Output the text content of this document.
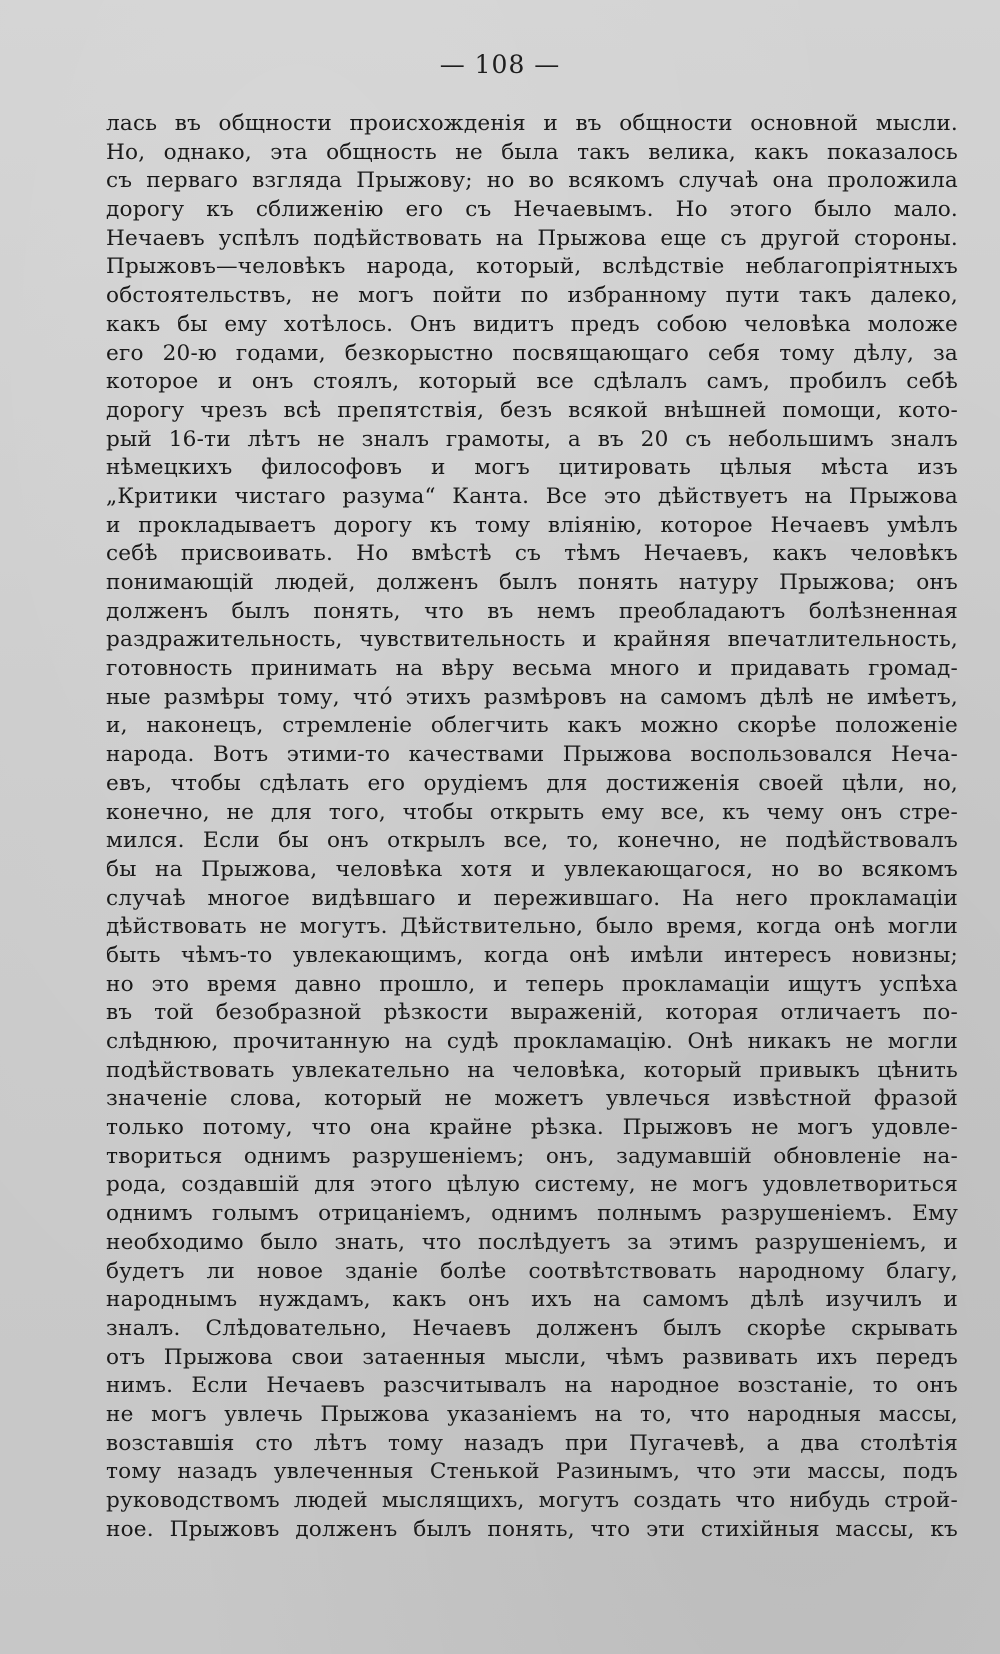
— 108 —
лась въ общности происхожденія и въ общности основной мысли.
Но, однако, эта общность не была такъ велика, какъ показалось
съ перваго взгляда Прыжову; но во всякомъ случаѣ она проложила
дорогу къ сближенію его съ Нечаевымъ. Но этого было мало.
Нечаевъ успѣлъ подѣйствовать на Прыжова еще съ другой стороны.
Прыжовъ—человѣкъ народа, который, вслѣдствіе неблагопріятныхъ
обстоятельствъ, не могъ пойти по избранному пути такъ далеко,
какъ бы ему хотѣлось. Онъ видитъ предъ собою человѣка моложе
его 20-ю годами, безкорыстно посвящающаго себя тому дѣлу, за
которое и онъ стоялъ, который все сдѣлалъ самъ, пробилъ себѣ
дорогу чрезъ всѣ препятствія, безъ всякой внѣшней помощи, кото-
рый 16-ти лѣтъ не зналъ грамоты, а въ 20 съ небольшимъ зналъ
нѣмецкихъ философовъ и могъ цитировать цѣлыя мѣста изъ
„Критики чистаго разума“ Канта. Все это дѣйствуетъ на Прыжова
и прокладываетъ дорогу къ тому вліянію, которое Нечаевъ умѣлъ
себѣ присвоивать. Но вмѣстѣ съ тѣмъ Нечаевъ, какъ человѣкъ
понимающій людей, долженъ былъ понять натуру Прыжова; онъ
долженъ былъ понять, что въ немъ преобладаютъ болѣзненная
раздражительность, чувствительность и крайняя впечатлительность,
готовность принимать на вѣру весьма много и придавать громад-
ные размѣры тому, что́ этихъ размѣровъ на самомъ дѣлѣ не имѣетъ,
и, наконецъ, стремленіе облегчить какъ можно скорѣе положеніе
народа. Вотъ этими-то качествами Прыжова воспользовался Неча-
евъ, чтобы сдѣлать его орудіемъ для достиженія своей цѣли, но,
конечно, не для того, чтобы открыть ему все, къ чему онъ стре-
мился. Если бы онъ открылъ все, то, конечно, не подѣйствовалъ
бы на Прыжова, человѣка хотя и увлекающагося, но во всякомъ
случаѣ многое видѣвшаго и пережившаго. На него прокламаціи
дѣйствовать не могутъ. Дѣйствительно, было время, когда онѣ могли
быть чѣмъ-то увлекающимъ, когда онѣ имѣли интересъ новизны;
но это время давно прошло, и теперь прокламаціи ищутъ успѣха
въ той безобразной рѣзкости выраженій, которая отличаетъ по-
слѣднюю, прочитанную на судѣ прокламацію. Онѣ никакъ не могли
подѣйствовать увлекательно на человѣка, который привыкъ цѣнить
значеніе слова, который не можетъ увлечься извѣстной фразой
только потому, что она крайне рѣзка. Прыжовъ не могъ удовле-
твориться однимъ разрушеніемъ; онъ, задумавшій обновленіе на-
рода, создавшій для этого цѣлую систему, не могъ удовлетвориться
однимъ голымъ отрицаніемъ, однимъ полнымъ разрушеніемъ. Ему
необходимо было знать, что послѣдуетъ за этимъ разрушеніемъ, и
будетъ ли новое зданіе болѣе соотвѣтствовать народному благу,
народнымъ нуждамъ, какъ онъ ихъ на самомъ дѣлѣ изучилъ и
зналъ. Слѣдовательно, Нечаевъ долженъ былъ скорѣе скрывать
отъ Прыжова свои затаенныя мысли, чѣмъ развивать ихъ передъ
нимъ. Если Нечаевъ разсчитывалъ на народное возстаніе, то онъ
не могъ увлечь Прыжова указаніемъ на то, что народныя массы,
возставшія сто лѣтъ тому назадъ при Пугачевѣ, а два столѣтія
тому назадъ увлеченныя Стенькой Разинымъ, что эти массы, подъ
руководствомъ людей мыслящихъ, могутъ создать что нибудь строй-
ное. Прыжовъ долженъ былъ понять, что эти стихійныя массы, къ
